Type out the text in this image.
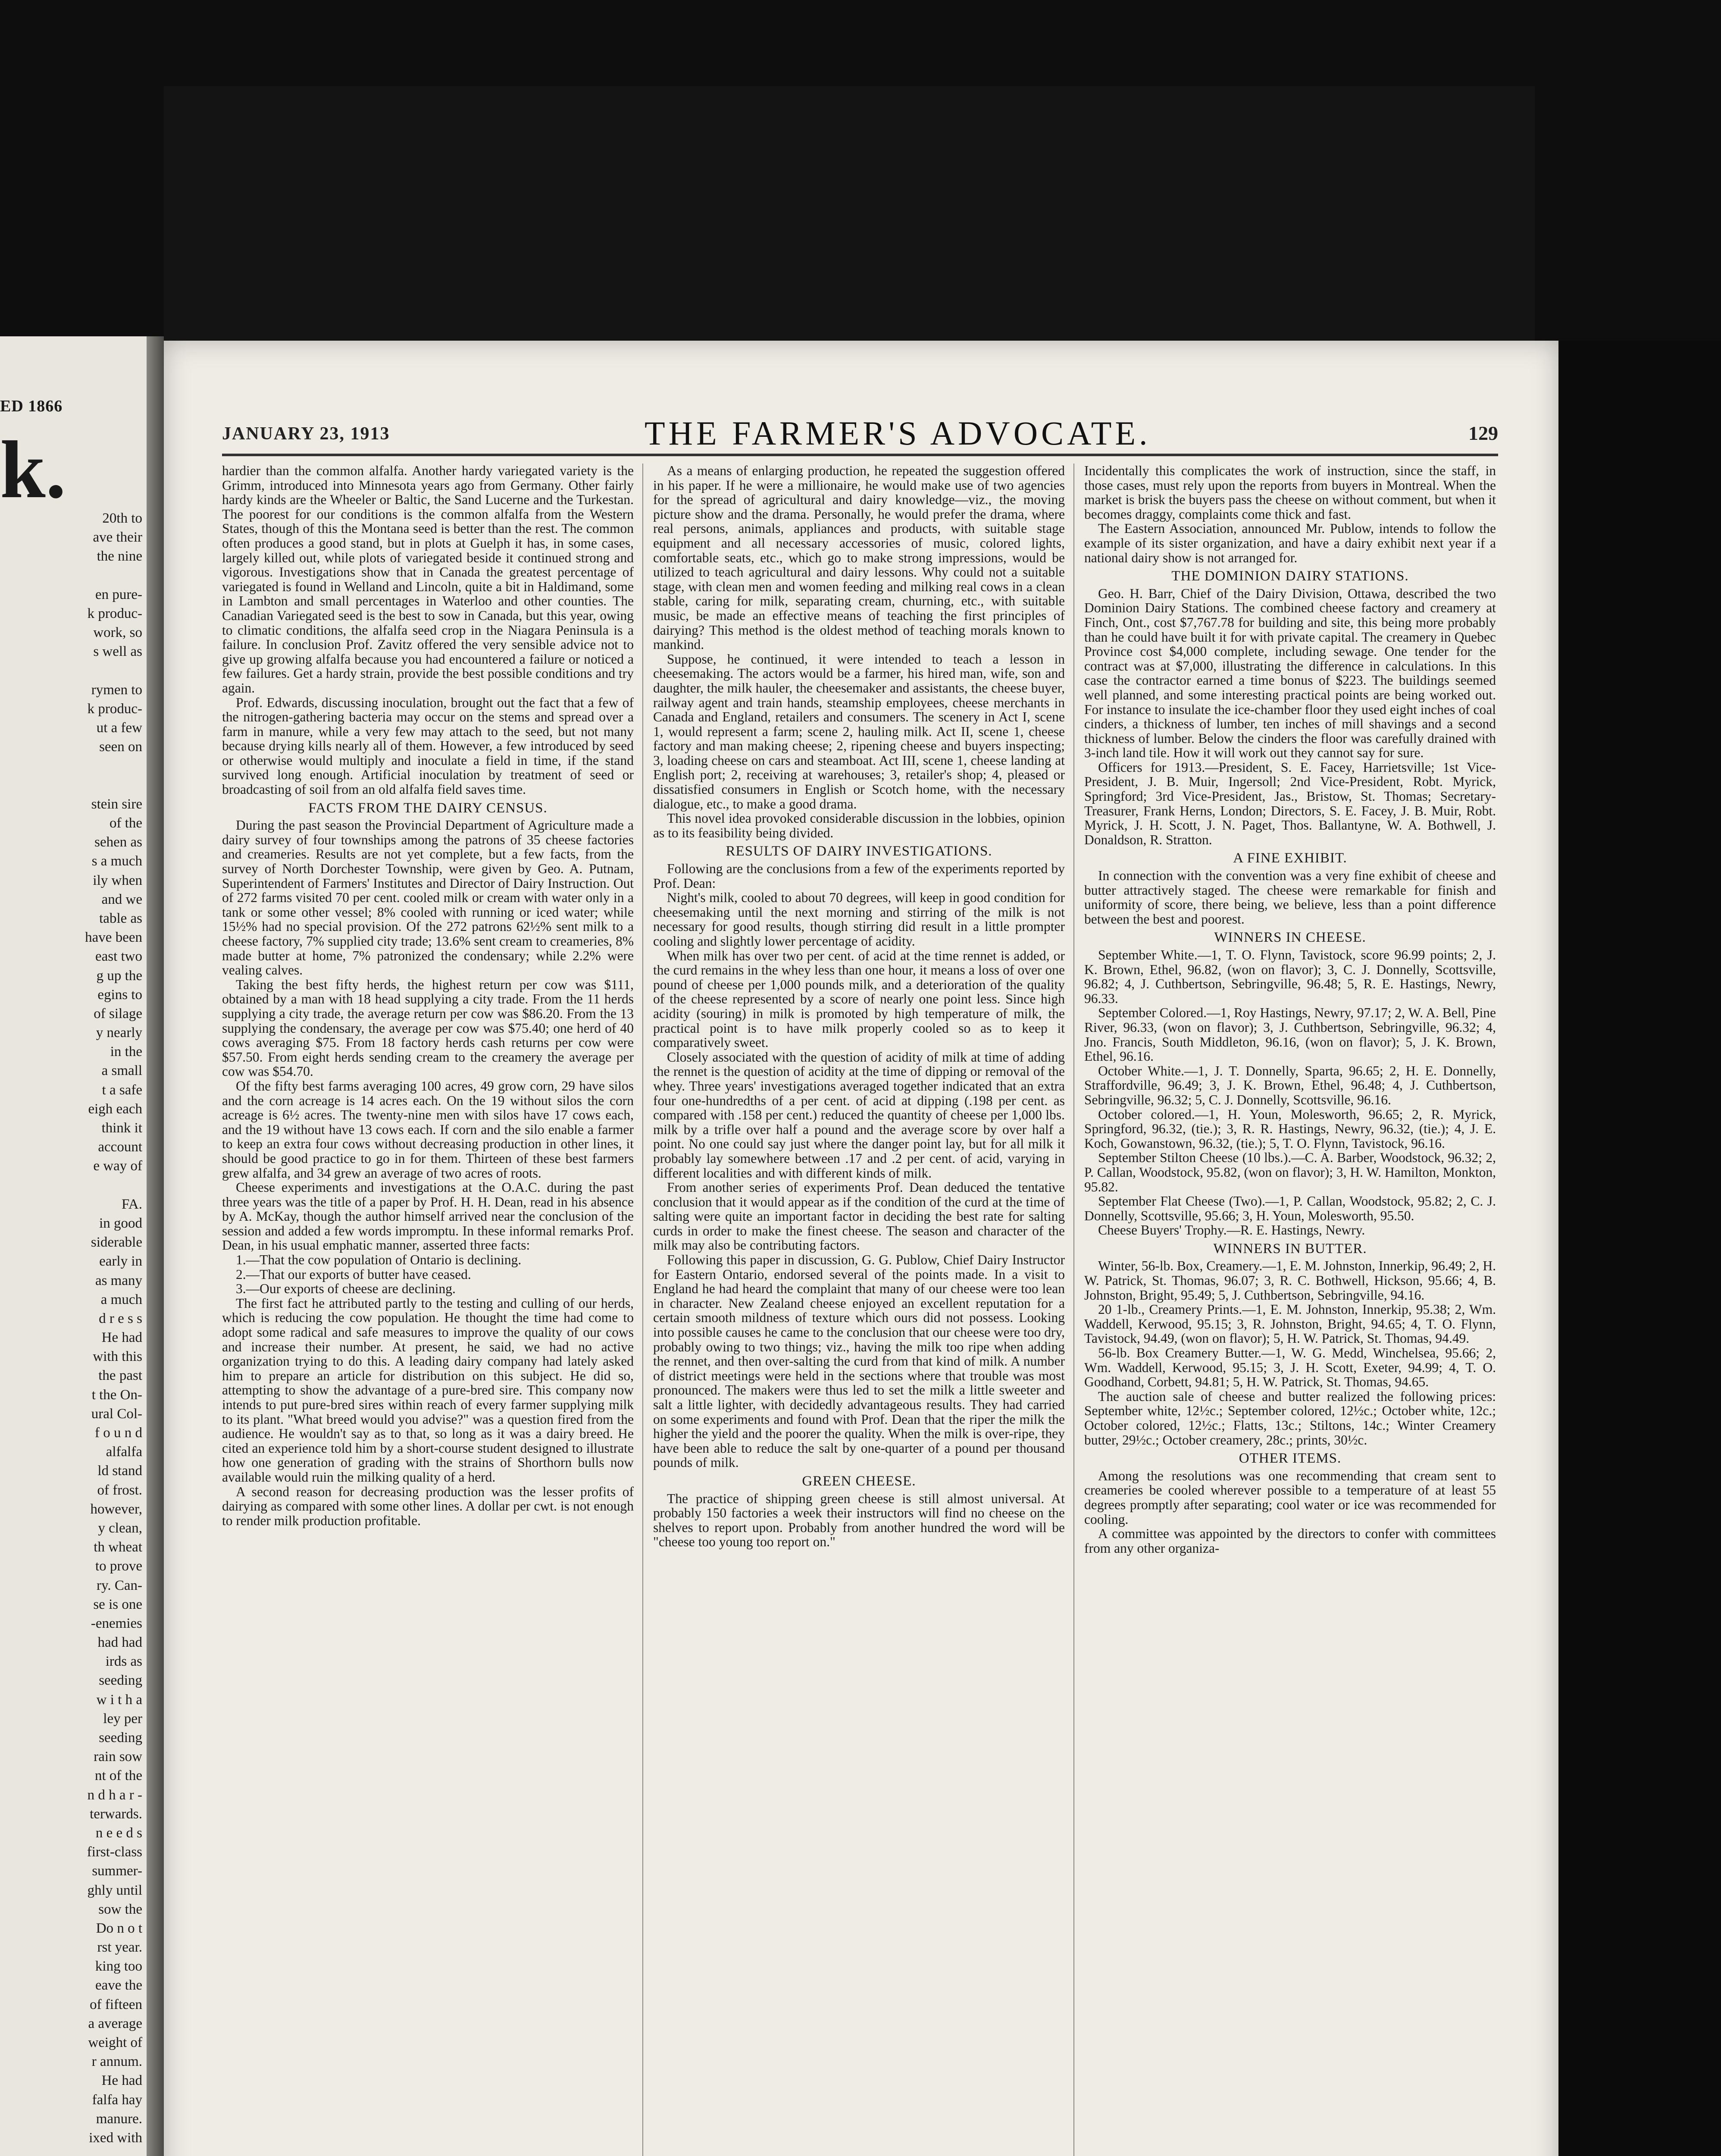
ED 1866
k.
20th to
ave their
the nine

en pure-
k produc-
work, so
s well as

rymen to
k produc-
ut a few
seen on

stein sire
of the
sehen as
s a much
ily when
and we
table as
have been
east two
g up the
egins to
of silage
y nearly
in the
a small
t a safe
eigh each
think it
account
e way of

FA.
in good
siderable
early in
as many
a much
d r e s s
He had
with this
the past
t the On-
ural Col-
f o u n d
alfalfa
ld stand
of frost.
however,
y clean,
th wheat
to prove
ry. Can-
se is one
-enemies
had had
irds as
seeding
w i t h a
ley per
seeding
rain sow
nt of the
n d h a r -
terwards.
n e e d s
first-class
summer-
ghly until
sow the
Do n o t
rst year.
king too
eave the
of fifteen
a average
weight of
r annum.
He had
falfa hay
manure.
ixed with

JANUARY 23, 1913	THE FARMER'S ADVOCATE.	129

hardier than the common alfalfa. Another hardy variegated variety is the Grimm, introduced into Minnesota years ago from Germany. Other fairly hardy kinds are the Wheeler or Baltic, the Sand Lucerne and the Turkestan. The poorest for our conditions is the common alfalfa from the Western States, though of this the Montana seed is better than the rest. The common often produces a good stand, but in plots at Guelph it has, in some cases, largely killed out, while plots of variegated beside it continued strong and vigorous. Investigations show that in Canada the greatest percentage of variegated is found in Welland and Lincoln, quite a bit in Haldimand, some in Lambton and small percentages in Waterloo and other counties. The Canadian Variegated seed is the best to sow in Canada, but this year, owing to climatic conditions, the alfalfa seed crop in the Niagara Peninsula is a failure. In conclusion Prof. Zavitz offered the very sensible advice not to give up growing alfalfa because you had encountered a failure or noticed a few failures. Get a hardy strain, provide the best possible conditions and try again.

Prof. Edwards, discussing inoculation, brought out the fact that a few of the nitrogen-gathering bacteria may occur on the stems and spread over a farm in manure, while a very few may attach to the seed, but not many because drying kills nearly all of them. However, a few introduced by seed or otherwise would multiply and inoculate a field in time, if the stand survived long enough. Artificial inoculation by treatment of seed or broadcasting of soil from an old alfalfa field saves time.

FACTS FROM THE DAIRY CENSUS.

During the past season the Provincial Department of Agriculture made a dairy survey of four townships among the patrons of 35 cheese factories and creameries. Results are not yet complete, but a few facts, from the survey of North Dorchester Township, were given by Geo. A. Putnam, Superintendent of Farmers' Institutes and Director of Dairy Instruction. Out of 272 farms visited 70 per cent. cooled milk or cream with water only in a tank or some other vessel; 8% cooled with running or iced water; while 15½% had no special provision. Of the 272 patrons 62½% sent milk to a cheese factory, 7% supplied city trade; 13.6% sent cream to creameries, 8% made butter at home, 7% patronized the condensary; while 2.2% were vealing calves.

Taking the best fifty herds, the highest return per cow was $111, obtained by a man with 18 head supplying a city trade. From the 11 herds supplying a city trade, the average return per cow was $86.20. From the 13 supplying the condensary, the average per cow was $75.40; one herd of 40 cows averaging $75. From 18 factory herds cash returns per cow were $57.50. From eight herds sending cream to the creamery the average per cow was $54.70.

Of the fifty best farms averaging 100 acres, 49 grow corn, 29 have silos and the corn acreage is 14 acres each. On the 19 without silos the corn acreage is 6½ acres. The twenty-nine men with silos have 17 cows each, and the 19 without have 13 cows each. If corn and the silo enable a farmer to keep an extra four cows without decreasing production in other lines, it should be good practice to go in for them. Thirteen of these best farmers grew alfalfa, and 34 grew an average of two acres of roots.

Cheese experiments and investigations at the O.A.C. during the past three years was the title of a paper by Prof. H. H. Dean, read in his absence by A. McKay, though the author himself arrived near the conclusion of the session and added a few words impromptu. In these informal remarks Prof. Dean, in his usual emphatic manner, asserted three facts:

1.—That the cow population of Ontario is declining.

2.—That our exports of butter have ceased.

3.—Our exports of cheese are declining.

The first fact he attributed partly to the testing and culling of our herds, which is reducing the cow population. He thought the time had come to adopt some radical and safe measures to improve the quality of our cows and increase their number. At present, he said, we had no active organization trying to do this. A leading dairy company had lately asked him to prepare an article for distribution on this subject. He did so, attempting to show the advantage of a pure-bred sire. This company now intends to put pure-bred sires within reach of every farmer supplying milk to its plant. "What breed would you advise?" was a question fired from the audience. He wouldn't say as to that, so long as it was a dairy breed. He cited an experience told him by a short-course student designed to illustrate how one generation of grading with the strains of Shorthorn bulls now available would ruin the milking quality of a herd.

A second reason for decreasing production was the lesser profits of dairying as compared with some other lines. A dollar per cwt. is not enough to render milk production profitable.

As a means of enlarging production, he repeated the suggestion offered in his paper. If he were a millionaire, he would make use of two agencies for the spread of agricultural and dairy knowledge—viz., the moving picture show and the drama. Personally, he would prefer the drama, where real persons, animals, appliances and products, with suitable stage equipment and all necessary accessories of music, colored lights, comfortable seats, etc., which go to make strong impressions, would be utilized to teach agricultural and dairy lessons. Why could not a suitable stage, with clean men and women feeding and milking real cows in a clean stable, caring for milk, separating cream, churning, etc., with suitable music, be made an effective means of teaching the first principles of dairying? This method is the oldest method of teaching morals known to mankind.

Suppose, he continued, it were intended to teach a lesson in cheesemaking. The actors would be a farmer, his hired man, wife, son and daughter, the milk hauler, the cheesemaker and assistants, the cheese buyer, railway agent and train hands, steamship employees, cheese merchants in Canada and England, retailers and consumers. The scenery in Act I, scene 1, would represent a farm; scene 2, hauling milk. Act II, scene 1, cheese factory and man making cheese; 2, ripening cheese and buyers inspecting; 3, loading cheese on cars and steamboat. Act III, scene 1, cheese landing at English port; 2, receiving at warehouses; 3, retailer's shop; 4, pleased or dissatisfied consumers in English or Scotch home, with the necessary dialogue, etc., to make a good drama.

This novel idea provoked considerable discussion in the lobbies, opinion as to its feasibility being divided.

RESULTS OF DAIRY INVESTIGATIONS.

Following are the conclusions from a few of the experiments reported by Prof. Dean:

Night's milk, cooled to about 70 degrees, will keep in good condition for cheesemaking until the next morning and stirring of the milk is not necessary for good results, though stirring did result in a little prompter cooling and slightly lower percentage of acidity.

When milk has over two per cent. of acid at the time rennet is added, or the curd remains in the whey less than one hour, it means a loss of over one pound of cheese per 1,000 pounds milk, and a deterioration of the quality of the cheese represented by a score of nearly one point less. Since high acidity (souring) in milk is promoted by high temperature of milk, the practical point is to have milk properly cooled so as to keep it comparatively sweet.

Closely associated with the question of acidity of milk at time of adding the rennet is the question of acidity at the time of dipping or removal of the whey. Three years' investigations averaged together indicated that an extra four one-hundredths of a per cent. of acid at dipping (.198 per cent. as compared with .158 per cent.) reduced the quantity of cheese per 1,000 lbs. milk by a trifle over half a pound and the average score by over half a point. No one could say just where the danger point lay, but for all milk it probably lay somewhere between .17 and .2 per cent. of acid, varying in different localities and with different kinds of milk.

From another series of experiments Prof. Dean deduced the tentative conclusion that it would appear as if the condition of the curd at the time of salting were quite an important factor in deciding the best rate for salting curds in order to make the finest cheese. The season and character of the milk may also be contributing factors.

Following this paper in discussion, G. G. Publow, Chief Dairy Instructor for Eastern Ontario, endorsed several of the points made. In a visit to England he had heard the complaint that many of our cheese were too lean in character. New Zealand cheese enjoyed an excellent reputation for a certain smooth mildness of texture which ours did not possess. Looking into possible causes he came to the conclusion that our cheese were too dry, probably owing to two things; viz., having the milk too ripe when adding the rennet, and then over-salting the curd from that kind of milk. A number of district meetings were held in the sections where that trouble was most pronounced. The makers were thus led to set the milk a little sweeter and salt a little lighter, with decidedly advantageous results. They had carried on some experiments and found with Prof. Dean that the riper the milk the higher the yield and the poorer the quality. When the milk is over-ripe, they have been able to reduce the salt by one-quarter of a pound per thousand pounds of milk.

GREEN CHEESE.

The practice of shipping green cheese is still almost universal. At probably 150 factories a week their instructors will find no cheese on the shelves to report upon. Probably from another hundred the word will be "cheese too young too report on."

Incidentally this complicates the work of instruction, since the staff, in those cases, must rely upon the reports from buyers in Montreal. When the market is brisk the buyers pass the cheese on without comment, but when it becomes draggy, complaints come thick and fast.

The Eastern Association, announced Mr. Publow, intends to follow the example of its sister organization, and have a dairy exhibit next year if a national dairy show is not arranged for.

THE DOMINION DAIRY STATIONS.

Geo. H. Barr, Chief of the Dairy Division, Ottawa, described the two Dominion Dairy Stations. The combined cheese factory and creamery at Finch, Ont., cost $7,767.78 for building and site, this being more probably than he could have built it for with private capital. The creamery in Quebec Province cost $4,000 complete, including sewage. One tender for the contract was at $7,000, illustrating the difference in calculations. In this case the contractor earned a time bonus of $223. The buildings seemed well planned, and some interesting practical points are being worked out. For instance to insulate the ice-chamber floor they used eight inches of coal cinders, a thickness of lumber, ten inches of mill shavings and a second thickness of lumber. Below the cinders the floor was carefully drained with 3-inch land tile. How it will work out they cannot say for sure.

Officers for 1913.—President, S. E. Facey, Harrietsville; 1st Vice-President, J. B. Muir, Ingersoll; 2nd Vice-President, Robt. Myrick, Springford; 3rd Vice-President, Jas., Bristow, St. Thomas; Secretary-Treasurer, Frank Herns, London; Directors, S. E. Facey, J. B. Muir, Robt. Myrick, J. H. Scott, J. N. Paget, Thos. Ballantyne, W. A. Bothwell, J. Donaldson, R. Stratton.

A FINE EXHIBIT.

In connection with the convention was a very fine exhibit of cheese and butter attractively staged. The cheese were remarkable for finish and uniformity of score, there being, we believe, less than a point difference between the best and poorest.

WINNERS IN CHEESE.

September White.—1, T. O. Flynn, Tavistock, score 96.99 points; 2, J. K. Brown, Ethel, 96.82, (won on flavor); 3, C. J. Donnelly, Scottsville, 96.82; 4, J. Cuthbertson, Sebringville, 96.48; 5, R. E. Hastings, Newry, 96.33.

September Colored.—1, Roy Hastings, Newry, 97.17; 2, W. A. Bell, Pine River, 96.33, (won on flavor); 3, J. Cuthbertson, Sebringville, 96.32; 4, Jno. Francis, South Middleton, 96.16, (won on flavor); 5, J. K. Brown, Ethel, 96.16.

October White.—1, J. T. Donnelly, Sparta, 96.65; 2, H. E. Donnelly, Straffordville, 96.49; 3, J. K. Brown, Ethel, 96.48; 4, J. Cuthbertson, Sebringville, 96.32; 5, C. J. Donnelly, Scottsville, 96.16.

October colored.—1, H. Youn, Molesworth, 96.65; 2, R. Myrick, Springford, 96.32, (tie.); 3, R. R. Hastings, Newry, 96.32, (tie.); 4, J. E. Koch, Gowanstown, 96.32, (tie.); 5, T. O. Flynn, Tavistock, 96.16.

September Stilton Cheese (10 lbs.).—C. A. Barber, Woodstock, 96.32; 2, P. Callan, Woodstock, 95.82, (won on flavor); 3, H. W. Hamilton, Monkton, 95.82.

September Flat Cheese (Two).—1, P. Callan, Woodstock, 95.82; 2, C. J. Donnelly, Scottsville, 95.66; 3, H. Youn, Molesworth, 95.50.

Cheese Buyers' Trophy.—R. E. Hastings, Newry.

WINNERS IN BUTTER.

Winter, 56-lb. Box, Creamery.—1, E. M. Johnston, Innerkip, 96.49; 2, H. W. Patrick, St. Thomas, 96.07; 3, R. C. Bothwell, Hickson, 95.66; 4, B. Johnston, Bright, 95.49; 5, J. Cuthbertson, Sebringville, 94.16.

20 1-lb., Creamery Prints.—1, E. M. Johnston, Innerkip, 95.38; 2, Wm. Waddell, Kerwood, 95.15; 3, R. Johnston, Bright, 94.65; 4, T. O. Flynn, Tavistock, 94.49, (won on flavor); 5, H. W. Patrick, St. Thomas, 94.49.

56-lb. Box Creamery Butter.—1, W. G. Medd, Winchelsea, 95.66; 2, Wm. Waddell, Kerwood, 95.15; 3, J. H. Scott, Exeter, 94.99; 4, T. O. Goodhand, Corbett, 94.81; 5, H. W. Patrick, St. Thomas, 94.65.

The auction sale of cheese and butter realized the following prices: September white, 12½c.; September colored, 12½c.; October white, 12c.; October colored, 12½c.; Flatts, 13c.; Stiltons, 14c.; Winter Creamery butter, 29½c.; October creamery, 28c.; prints, 30½c.

OTHER ITEMS.

Among the resolutions was one recommending that cream sent to creameries be cooled wherever possible to a temperature of at least 55 degrees promptly after separating; cool water or ice was recommended for cooling.

A committee was appointed by the directors to confer with committees from any other organiza-
